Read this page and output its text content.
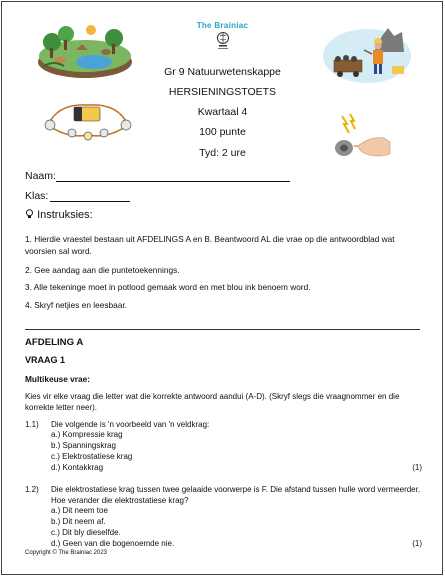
The Brainiac
Gr 9 Natuurwetenskappe
HERSIENINGSTOETS
Kwartaal 4
100 punte
Tyd: 2 ure
Naam:
Klas:
Instruksies:
1. Hierdie vraestel bestaan uit AFDELINGS A en B. Beantwoord AL die vrae op die antwoordblad wat voorsien sal word.
2. Gee aandag aan die puntetoekennings.
3. Alle tekeninge moet in potlood gemaak word en met blou ink benoem word.
4. Skryf netjies en leesbaar.
AFDELING A
VRAAG 1
Multikeuse vrae:
Kies vir elke vraag die letter wat die korrekte antwoord aandui (A-D). (Skryf slegs die vraagnommer en die korrekte letter neer).
1.1) Die volgende is 'n voorbeeld van 'n veldkrag:
a.) Kompressie krag
b.) Spanningskrag
c.) Elektrostatiese krag
d.) Kontakkrag	(1)
1.2) Die elektrostatiese krag tussen twee gelaaide voorwerpe is F. Die afstand tussen hulle word vermeerder. Hoe verander die elektrostatiese krag?
a.) Dit neem toe
b.) Dit neem af.
c.) Dit bly dieselfde.
d.) Geen van die bogenoemde nie.	(1)
Copyright © The Brainiac 2023
